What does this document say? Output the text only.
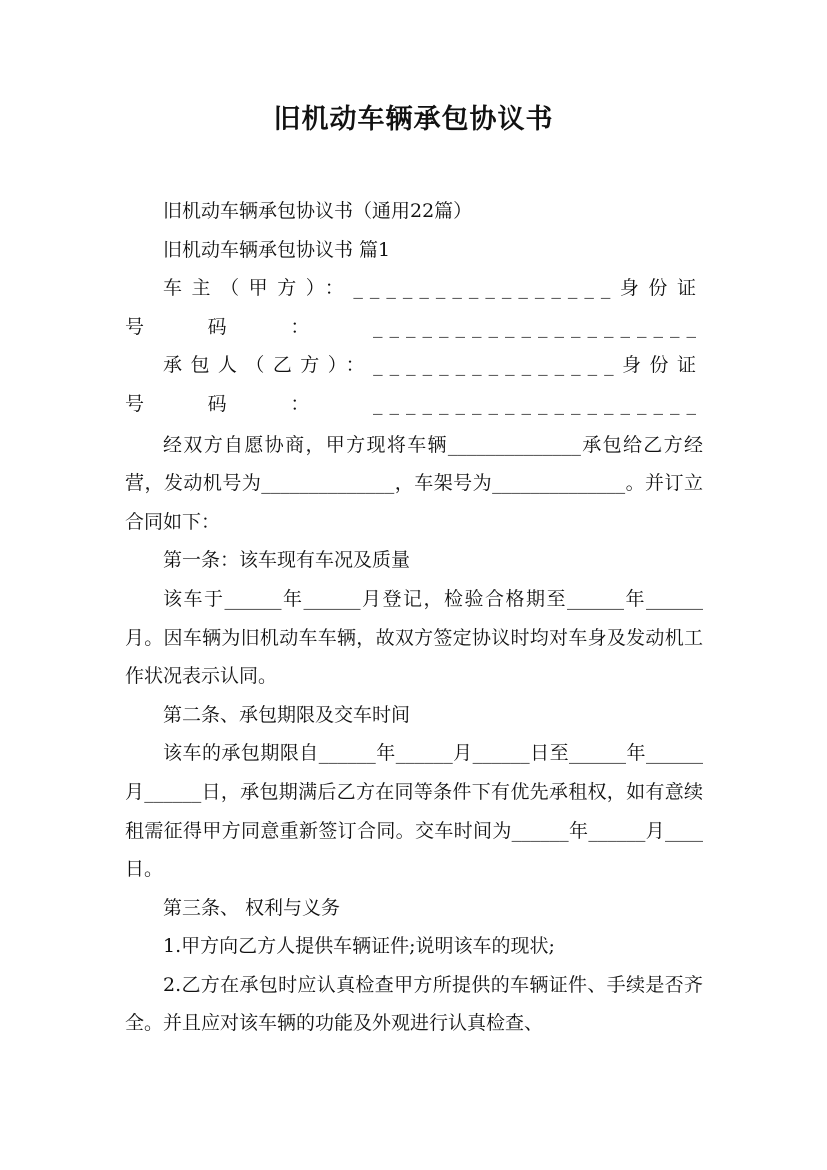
旧机动车辆承包协议书

旧机动车辆承包协议书（通用22篇）

旧机动车辆承包协议书 篇1

车主（甲方）：________________身份证号码：____________________

承包人（乙方）：_______________身份证号码：____________________

经双方自愿协商，甲方现将车辆______________承包给乙方经营，发动机号为______________，车架号为______________。并订立合同如下：

第一条：该车现有车况及质量

该车于______年______月登记，检验合格期至______年______月。因车辆为旧机动车车辆，故双方签定协议时均对车身及发动机工作状况表示认同。

第二条、承包期限及交车时间

该车的承包期限自______年______月______日至______年______月______日，承包期满后乙方在同等条件下有优先承租权，如有意续租需征得甲方同意重新签订合同。交车时间为______年______月____日。

第三条、 权利与义务

1.甲方向乙方人提供车辆证件;说明该车的现状;

2.乙方在承包时应认真检查甲方所提供的车辆证件、手续是否齐全。并且应对该车辆的功能及外观进行认真检查、
